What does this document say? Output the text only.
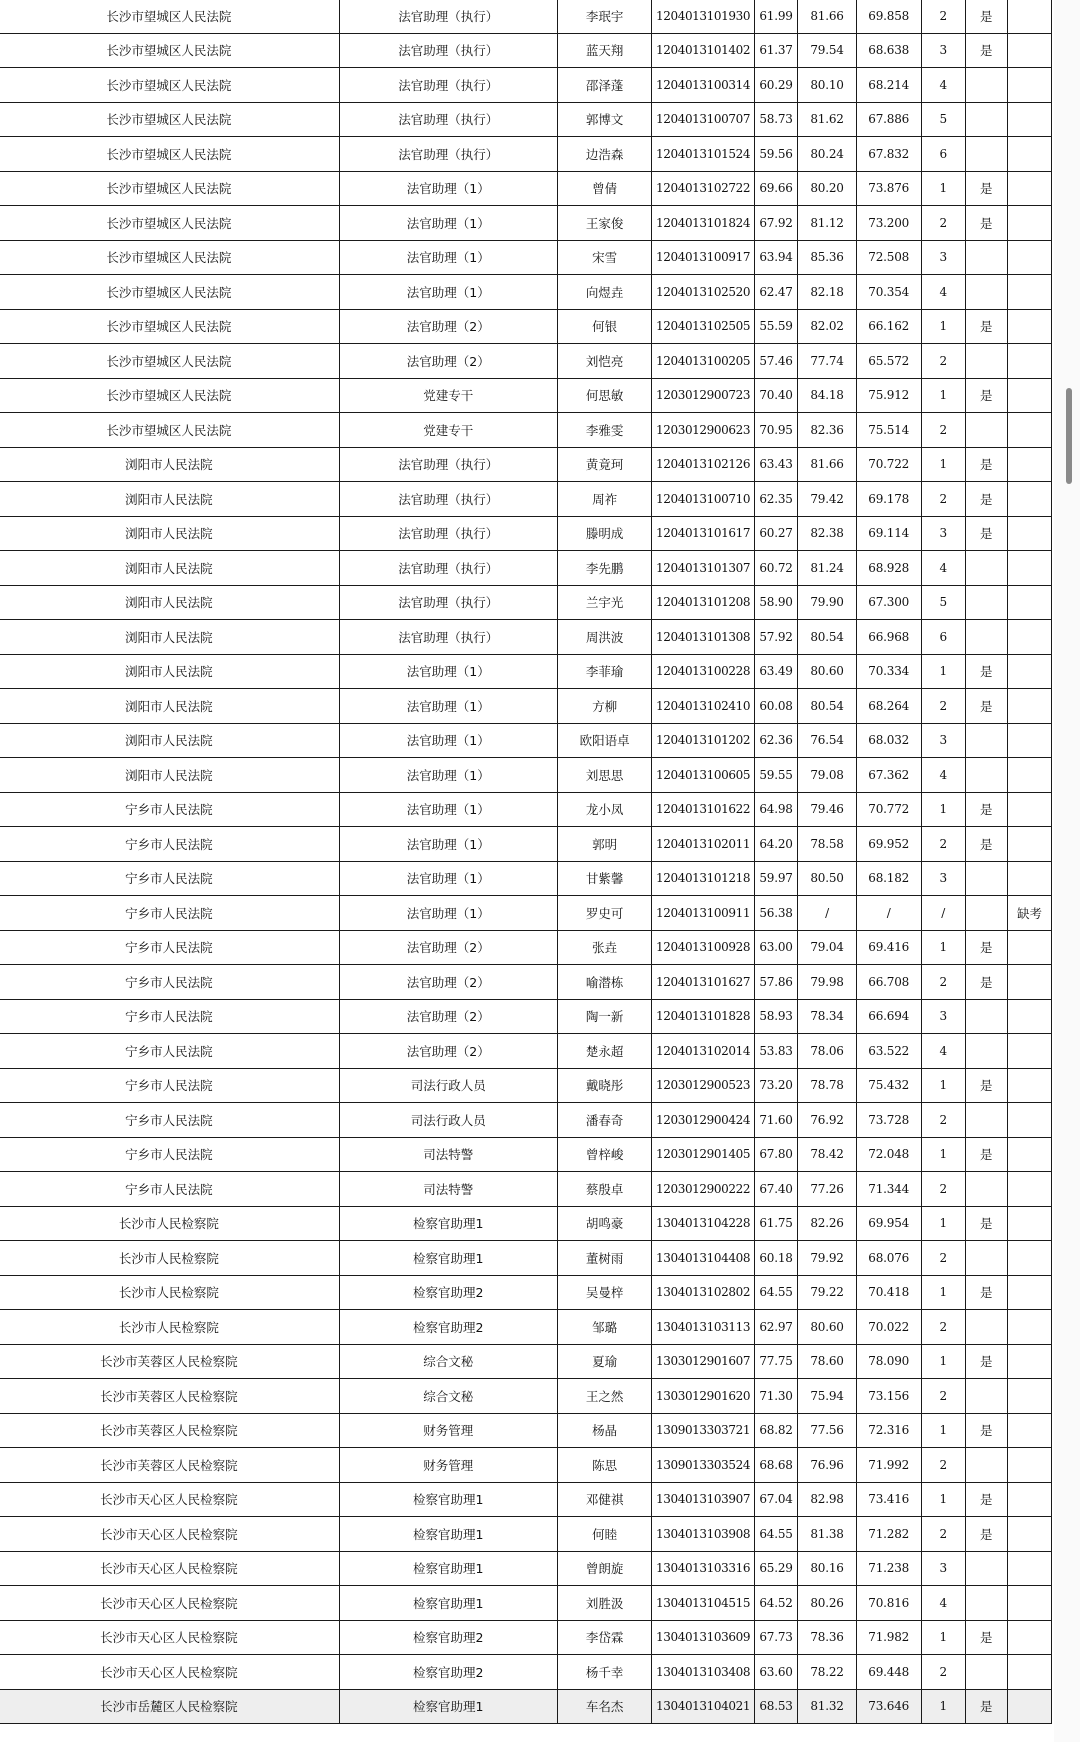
长沙市望城区人民法院	法官助理（执行）	李珉宇	1204013101930	61.99	81.66	69.858	2	是	
长沙市望城区人民法院	法官助理（执行）	蓝天翔	1204013101402	61.37	79.54	68.638	3	是	
长沙市望城区人民法院	法官助理（执行）	邵泽蓬	1204013100314	60.29	80.10	68.214	4		
长沙市望城区人民法院	法官助理（执行）	郭博文	1204013100707	58.73	81.62	67.886	5		
长沙市望城区人民法院	法官助理（执行）	边浩森	1204013101524	59.56	80.24	67.832	6		
长沙市望城区人民法院	法官助理（1）	曾倩	1204013102722	69.66	80.20	73.876	1	是	
长沙市望城区人民法院	法官助理（1）	王家俊	1204013101824	67.92	81.12	73.200	2	是	
长沙市望城区人民法院	法官助理（1）	宋雪	1204013100917	63.94	85.36	72.508	3		
长沙市望城区人民法院	法官助理（1）	向煜垚	1204013102520	62.47	82.18	70.354	4		
长沙市望城区人民法院	法官助理（2）	何银	1204013102505	55.59	82.02	66.162	1	是	
长沙市望城区人民法院	法官助理（2）	刘恺亮	1204013100205	57.46	77.74	65.572	2		
长沙市望城区人民法院	党建专干	何思敏	1203012900723	70.40	84.18	75.912	1	是	
长沙市望城区人民法院	党建专干	李雅雯	1203012900623	70.95	82.36	75.514	2		
浏阳市人民法院	法官助理（执行）	黄竟珂	1204013102126	63.43	81.66	70.722	1	是	
浏阳市人民法院	法官助理（执行）	周祚	1204013100710	62.35	79.42	69.178	2	是	
浏阳市人民法院	法官助理（执行）	滕明成	1204013101617	60.27	82.38	69.114	3	是	
浏阳市人民法院	法官助理（执行）	李先鹏	1204013101307	60.72	81.24	68.928	4		
浏阳市人民法院	法官助理（执行）	兰宇光	1204013101208	58.90	79.90	67.300	5		
浏阳市人民法院	法官助理（执行）	周洪波	1204013101308	57.92	80.54	66.968	6		
浏阳市人民法院	法官助理（1）	李菲瑜	1204013100228	63.49	80.60	70.334	1	是	
浏阳市人民法院	法官助理（1）	方柳	1204013102410	60.08	80.54	68.264	2	是	
浏阳市人民法院	法官助理（1）	欧阳语卓	1204013101202	62.36	76.54	68.032	3		
浏阳市人民法院	法官助理（1）	刘思思	1204013100605	59.55	79.08	67.362	4		
宁乡市人民法院	法官助理（1）	龙小凤	1204013101622	64.98	79.46	70.772	1	是	
宁乡市人民法院	法官助理（1）	郭明	1204013102011	64.20	78.58	69.952	2	是	
宁乡市人民法院	法官助理（1）	甘紫馨	1204013101218	59.97	80.50	68.182	3		
宁乡市人民法院	法官助理（1）	罗史可	1204013100911	56.38	/	/	/		缺考
宁乡市人民法院	法官助理（2）	张垚	1204013100928	63.00	79.04	69.416	1	是	
宁乡市人民法院	法官助理（2）	喻潜栋	1204013101627	57.86	79.98	66.708	2	是	
宁乡市人民法院	法官助理（2）	陶一新	1204013101828	58.93	78.34	66.694	3		
宁乡市人民法院	法官助理（2）	楚永超	1204013102014	53.83	78.06	63.522	4		
宁乡市人民法院	司法行政人员	戴晓彤	1203012900523	73.20	78.78	75.432	1	是	
宁乡市人民法院	司法行政人员	潘春奇	1203012900424	71.60	76.92	73.728	2		
宁乡市人民法院	司法特警	曾梓峻	1203012901405	67.80	78.42	72.048	1	是	
宁乡市人民法院	司法特警	蔡殷卓	1203012900222	67.40	77.26	71.344	2		
长沙市人民检察院	检察官助理1	胡鸣豪	1304013104228	61.75	82.26	69.954	1	是	
长沙市人民检察院	检察官助理1	董树雨	1304013104408	60.18	79.92	68.076	2		
长沙市人民检察院	检察官助理2	吴曼梓	1304013102802	64.55	79.22	70.418	1	是	
长沙市人民检察院	检察官助理2	邹璐	1304013103113	62.97	80.60	70.022	2		
长沙市芙蓉区人民检察院	综合文秘	夏瑜	1303012901607	77.75	78.60	78.090	1	是	
长沙市芙蓉区人民检察院	综合文秘	王之然	1303012901620	71.30	75.94	73.156	2		
长沙市芙蓉区人民检察院	财务管理	杨晶	1309013303721	68.82	77.56	72.316	1	是	
长沙市芙蓉区人民检察院	财务管理	陈思	1309013303524	68.68	76.96	71.992	2		
长沙市天心区人民检察院	检察官助理1	邓健祺	1304013103907	67.04	82.98	73.416	1	是	
长沙市天心区人民检察院	检察官助理1	何睦	1304013103908	64.55	81.38	71.282	2	是	
长沙市天心区人民检察院	检察官助理1	曾朗旋	1304013103316	65.29	80.16	71.238	3		
长沙市天心区人民检察院	检察官助理1	刘胜汲	1304013104515	64.52	80.26	70.816	4		
长沙市天心区人民检察院	检察官助理2	李岱霖	1304013103609	67.73	78.36	71.982	1	是	
长沙市天心区人民检察院	检察官助理2	杨千幸	1304013103408	63.60	78.22	69.448	2		
长沙市岳麓区人民检察院	检察官助理1	车名杰	1304013104021	68.53	81.32	73.646	1	是	
